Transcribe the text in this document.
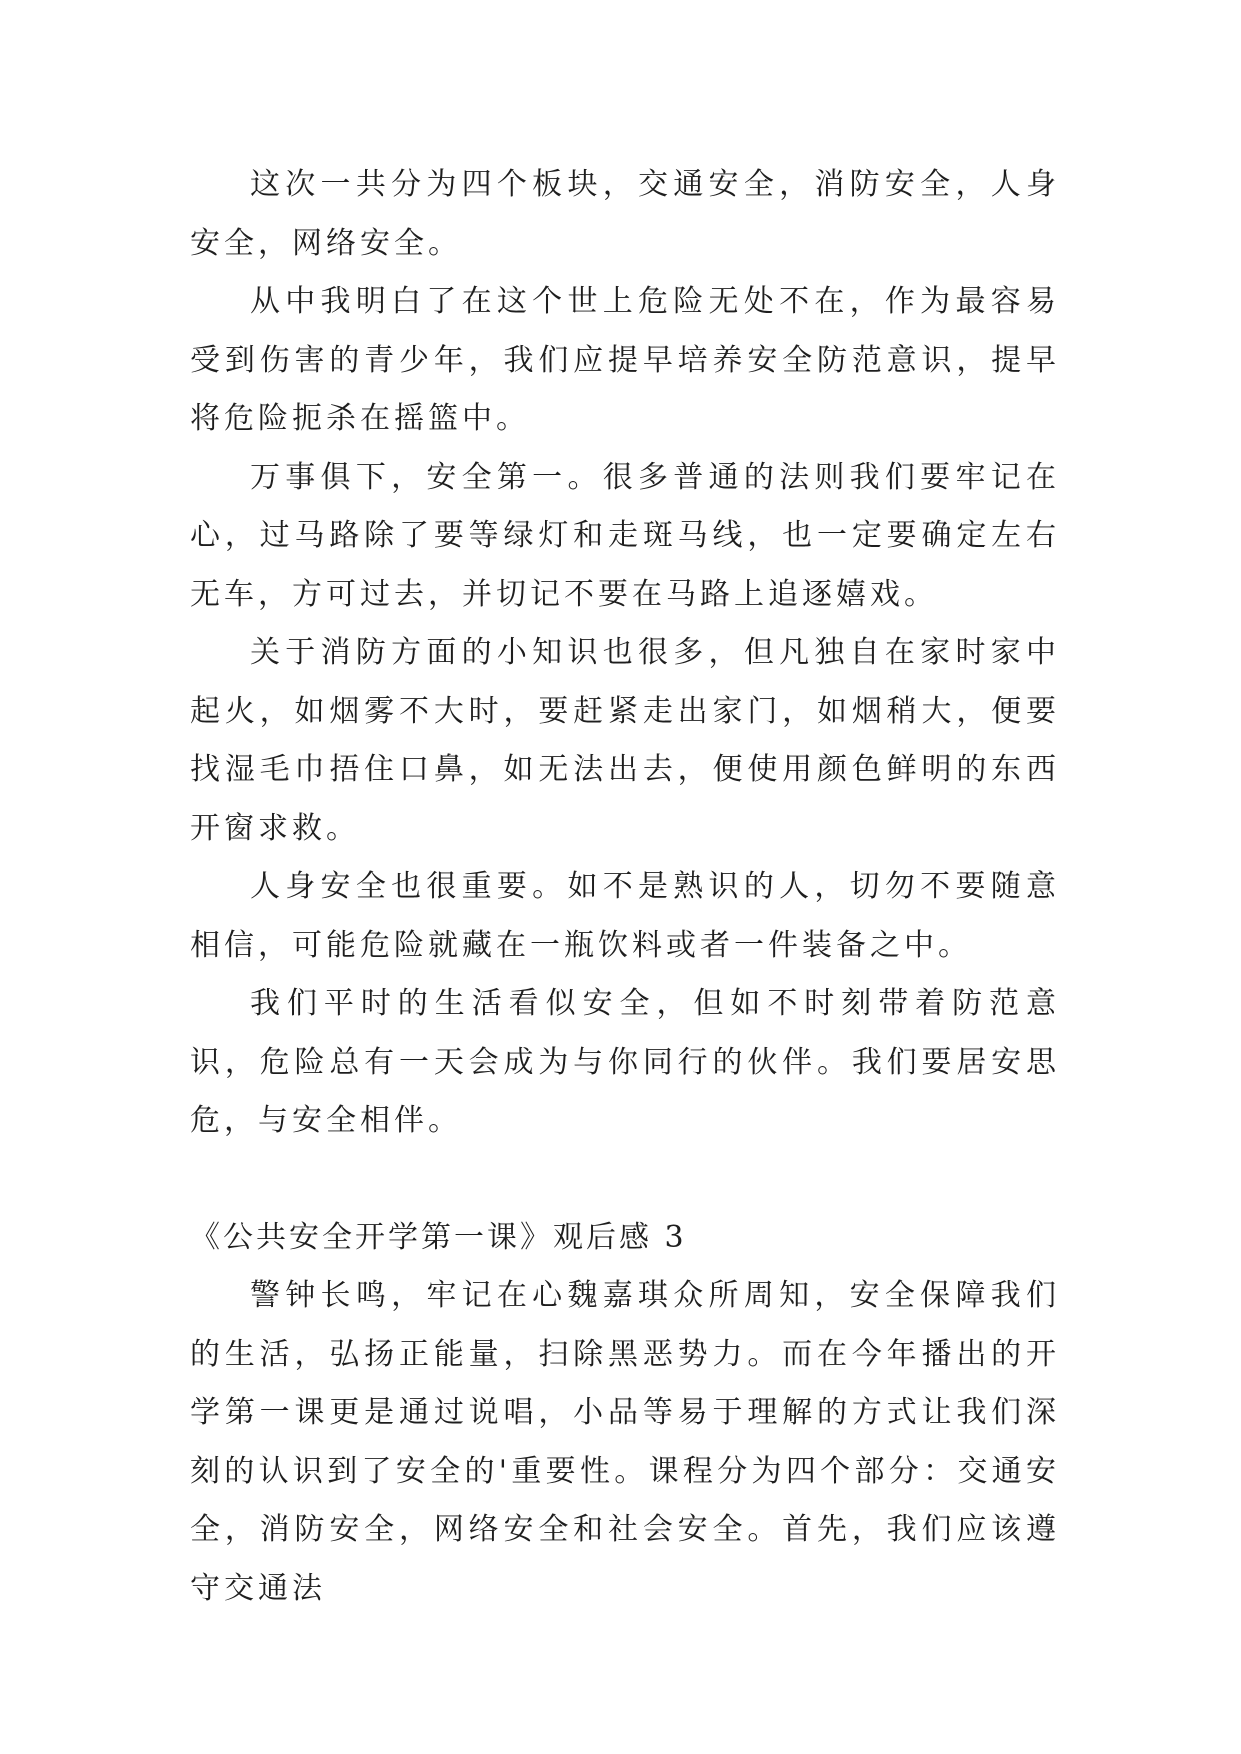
这次一共分为四个板块，交通安全，消防安全，人身安全，网络安全。

从中我明白了在这个世上危险无处不在，作为最容易受到伤害的青少年，我们应提早培养安全防范意识，提早将危险扼杀在摇篮中。

万事俱下，安全第一。很多普通的法则我们要牢记在心，过马路除了要等绿灯和走斑马线，也一定要确定左右无车，方可过去，并切记不要在马路上追逐嬉戏。

关于消防方面的小知识也很多，但凡独自在家时家中起火，如烟雾不大时，要赶紧走出家门，如烟稍大，便要找湿毛巾捂住口鼻，如无法出去，便使用颜色鲜明的东西开窗求救。

人身安全也很重要。如不是熟识的人，切勿不要随意相信，可能危险就藏在一瓶饮料或者一件装备之中。

我们平时的生活看似安全，但如不时刻带着防范意识，危险总有一天会成为与你同行的伙伴。我们要居安思危，与安全相伴。

《公共安全开学第一课》观后感 3

警钟长鸣，牢记在心魏嘉琪众所周知，安全保障我们的生活，弘扬正能量，扫除黑恶势力。而在今年播出的开学第一课更是通过说唱，小品等易于理解的方式让我们深刻的认识到了安全的'重要性。课程分为四个部分：交通安全，消防安全，网络安全和社会安全。首先，我们应该遵守交通法
